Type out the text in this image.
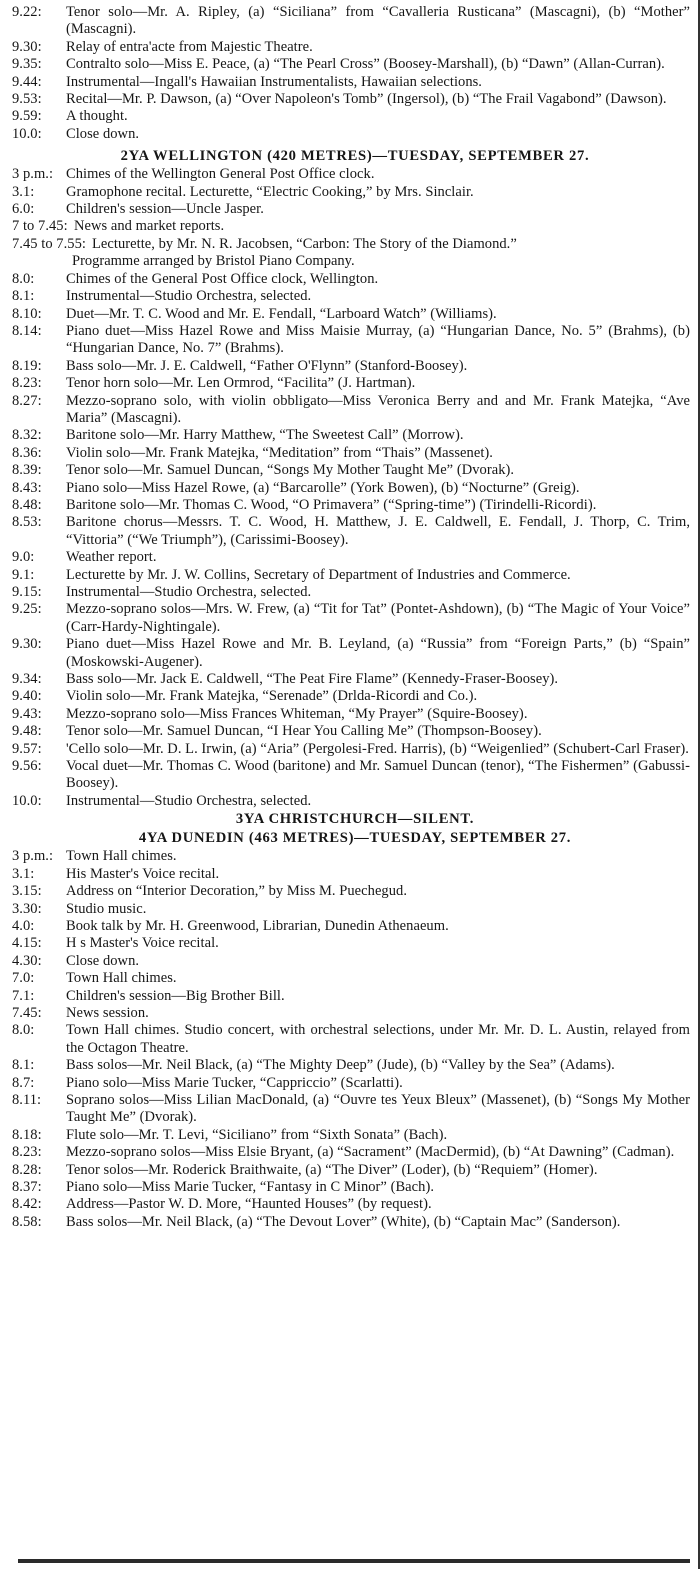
9.22: Tenor solo—Mr. A. Ripley, (a) “Siciliana” from “Cavalleria Rusticana” (Mascagni), (b) “Mother” (Mascagni).
9.30: Relay of entra'acte from Majestic Theatre.
9.35: Contralto solo—Miss E. Peace, (a) “The Pearl Cross” (Boosey-Marshall), (b) “Dawn” (Allan-Curran).
9.44: Instrumental—Ingall's Hawaiian Instrumentalists, Hawaiian selections.
9.53: Recital—Mr. P. Dawson, (a) “Over Napoleon's Tomb” (Ingersol), (b) “The Frail Vagabond” (Dawson).
9.59: A thought.
10.0: Close down.
2YA WELLINGTON (420 METRES)—TUESDAY, SEPTEMBER 27.
3 p.m.: Chimes of the Wellington General Post Office clock.
3.1: Gramophone recital. Lecturette, “Electric Cooking,” by Mrs. Sinclair.
6.0: Children's session—Uncle Jasper.
7 to 7.45: News and market reports.
7.45 to 7.55: Lecturette, by Mr. N. R. Jacobsen, “Carbon: The Story of the Diamond.”
Programme arranged by Bristol Piano Company.
8.0: Chimes of the General Post Office clock, Wellington.
8.1: Instrumental—Studio Orchestra, selected.
8.10: Duet—Mr. T. C. Wood and Mr. E. Fendall, “Larboard Watch” (Williams).
8.14: Piano duet—Miss Hazel Rowe and Miss Maisie Murray, (a) “Hungarian Dance, No. 5” (Brahms), (b) “Hungarian Dance, No. 7” (Brahms).
8.19: Bass solo—Mr. J. E. Caldwell, “Father O'Flynn” (Stanford-Boosey).
8.23: Tenor horn solo—Mr. Len Ormrod, “Facilita” (J. Hartman).
8.27: Mezzo-soprano solo, with violin obbligato—Miss Veronica Berry and and Mr. Frank Matejka, “Ave Maria” (Mascagni).
8.32: Baritone solo—Mr. Harry Matthew, “The Sweetest Call” (Morrow).
8.36: Violin solo—Mr. Frank Matejka, “Meditation” from “Thais” (Massenet).
8.39: Tenor solo—Mr. Samuel Duncan, “Songs My Mother Taught Me” (Dvorak).
8.43: Piano solo—Miss Hazel Rowe, (a) “Barcarolle” (York Bowen), (b) “Nocturne” (Greig).
8.48: Baritone solo—Mr. Thomas C. Wood, “O Primavera” (“Spring-time”) (Tirindelli-Ricordi).
8.53: Baritone chorus—Messrs. T. C. Wood, H. Matthew, J. E. Caldwell, E. Fendall, J. Thorp, C. Trim, “Vittoria” (“We Triumph”), (Carissimi-Boosey).
9.0: Weather report.
9.1: Lecturette by Mr. J. W. Collins, Secretary of Department of Industries and Commerce.
9.15: Instrumental—Studio Orchestra, selected.
9.25: Mezzo-soprano solos—Mrs. W. Frew, (a) “Tit for Tat” (Pontet-Ashdown), (b) “The Magic of Your Voice” (Carr-Hardy-Nightingale).
9.30: Piano duet—Miss Hazel Rowe and Mr. B. Leyland, (a) “Russia” from “Foreign Parts,” (b) “Spain” (Moskowski-Augener).
9.34: Bass solo—Mr. Jack E. Caldwell, “The Peat Fire Flame” (Kennedy-Fraser-Boosey).
9.40: Violin solo—Mr. Frank Matejka, “Serenade” (Drlda-Ricordi and Co.).
9.43: Mezzo-soprano solo—Miss Frances Whiteman, “My Prayer” (Squire-Boosey).
9.48: Tenor solo—Mr. Samuel Duncan, “I Hear You Calling Me” (Thompson-Boosey).
9.57: 'Cello solo—Mr. D. L. Irwin, (a) “Aria” (Pergolesi-Fred. Harris), (b) “Weigenlied” (Schubert-Carl Fraser).
9.56: Vocal duet—Mr. Thomas C. Wood (baritone) and Mr. Samuel Duncan (tenor), “The Fishermen” (Gabussi-Boosey).
10.0: Instrumental—Studio Orchestra, selected.
3YA CHRISTCHURCH—SILENT.
4YA DUNEDIN (463 METRES)—TUESDAY, SEPTEMBER 27.
3 p.m.: Town Hall chimes.
3.1: His Master's Voice recital.
3.15: Address on “Interior Decoration,” by Miss M. Puechegud.
3.30: Studio music.
4.0: Book talk by Mr. H. Greenwood, Librarian, Dunedin Athenaeum.
4.15: H s Master's Voice recital.
4.30: Close down.
7.0: Town Hall chimes.
7.1: Children's session—Big Brother Bill.
7.45: News session.
8.0: Town Hall chimes. Studio concert, with orchestral selections, under Mr. Mr. D. L. Austin, relayed from the Octagon Theatre.
8.1: Bass solos—Mr. Neil Black, (a) “The Mighty Deep” (Jude), (b) “Valley by the Sea” (Adams).
8.7: Piano solo—Miss Marie Tucker, “Cappriccio” (Scarlatti).
8.11: Soprano solos—Miss Lilian MacDonald, (a) “Ouvre tes Yeux Bleux” (Massenet), (b) “Songs My Mother Taught Me” (Dvorak).
8.18: Flute solo—Mr. T. Levi, “Siciliano” from “Sixth Sonata” (Bach).
8.23: Mezzo-soprano solos—Miss Elsie Bryant, (a) “Sacrament” (MacDermid), (b) “At Dawning” (Cadman).
8.28: Tenor solos—Mr. Roderick Braithwaite, (a) “The Diver” (Loder), (b) “Requiem” (Homer).
8.37: Piano solo—Miss Marie Tucker, “Fantasy in C Minor” (Bach).
8.42: Address—Pastor W. D. More, “Haunted Houses” (by request).
8.58: Bass solos—Mr. Neil Black, (a) “The Devout Lover” (White), (b) “Captain Mac” (Sanderson).
